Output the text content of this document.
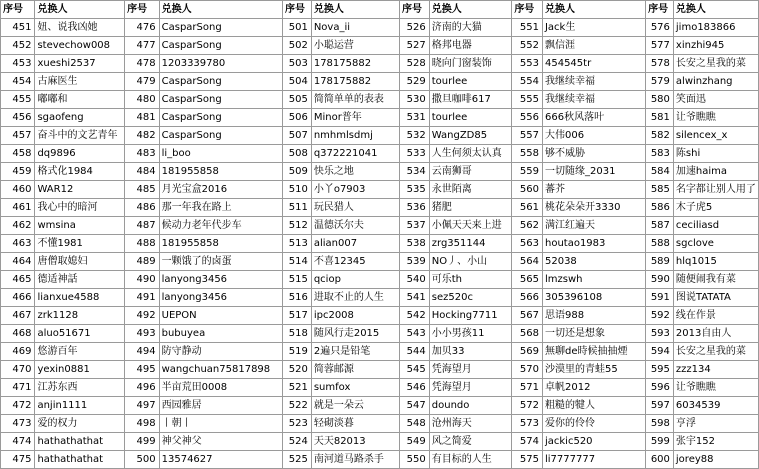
序号	兑换人	序号	兑换人	序号	兑换人	序号	兑换人	序号	兑换人	序号	兑换人
451	妞、说我凶她	476	CasparSong	501	Nova_ii	526	济南的大猫	551	Jack生	576	jimo183866
452	stevechow008	477	CasparSong	502	小聪运营	527	格邦电器	552	飘信涯	577	xinzhi945
453	xueshi2537	478	1203339780	503	178175882	528	晓向门窗装饰	553	454545tr	578	长安之星我的菜
454	古麻医生	479	CasparSong	504	178175882	529	tourlee	554	我继续幸福	579	alwinzhang
455	嘟嘟和	480	CasparSong	505	简简单单的表表	530	撒旦咖啡617	555	我继续幸福	580	笑面迅
456	sgaofeng	481	CasparSong	506	Minor普年	531	tourlee	556	666秋风落叶	581	让爷瞧瞧
457	奋斗中的文艺青年	482	CasparSong	507	nmhmlsdmj	532	WangZD85	557	大伟006	582	silencex_x
458	dq9896	483	li_boo	508	q372221041	533	人生何须太认真	558	够不威胁	583	陈shi
459	格式化1984	484	181955858	509	快乐之地	534	云南狮哥	559	一切随缘_2031	584	加速haima
460	WAR12	485	月光宝盒2016	510	小丫o7903	535	永世陌离	560	蕃芥	585	名字都让别人用了
461	我心中的暗河	486	那一年我在路上	511	玩民猎人	536	猪肥	561	桃花朵朵开3330	586	木子虎5
462	wmsina	487	候动力老年代步车	512	温德沃尔夫	537	小佩天天来上进	562	满江红遍天	587	ceciliasd
463	不懂1981	488	181955858	513	alian007	538	zrg351144	563	houtao1983	588	sgclove
464	唐僧取媳妇	489	一颗饿了的卤蛋	514	不喜12345	539	NO丿、小山	564	52038	589	hlq1015
465	德适神話	490	lanyong3456	515	qciop	540	可乐th	565	lmzswh	590	随便闹我有菜
466	lianxue4588	491	lanyong3456	516	进取不止的人生	541	sez520c	566	305396108	591	图说TATATA
467	zrk1128	492	UEPON	517	ipc2008	542	Hocking7711	567	思语988	592	线在作景
468	aluo51671	493	bubuyea	518	随风行走2015	543	小小男孩11	568	一切还是想象	593	2013自由人
469	悠游百年	494	防守静动	519	2遍只是铅笔	544	加贝33	569	無聊de時候抽抽煙	594	长安之星我的菜
470	yexin0881	495	wangchuan75817898	520	简蓉邮源	545	凭海望月	570	沙漠里的青蛙55	595	zzz134
471	江苏东西	496	半亩荒田0008	521	sumfox	546	凭海望月	571	卓帆2012	596	让爷瞧瞧
472	anjin1111	497	西园雅居	522	就是一朵云	547	doundo	572	粗糙的犍人	597	6034539
473	爱的权力	498	丨朝丨	523	轻砌淡暮	548	沧州海天	573	爱你的伶伶	598	亨浮
474	hathathathat	499	神父神父	524	天天82013	549	风之简爱	574	jackic520	599	张宇152
475	hathathathat	500	13574627	525	南河道马路杀手	550	有目标的人生	575	li7777777	600	jorey88
